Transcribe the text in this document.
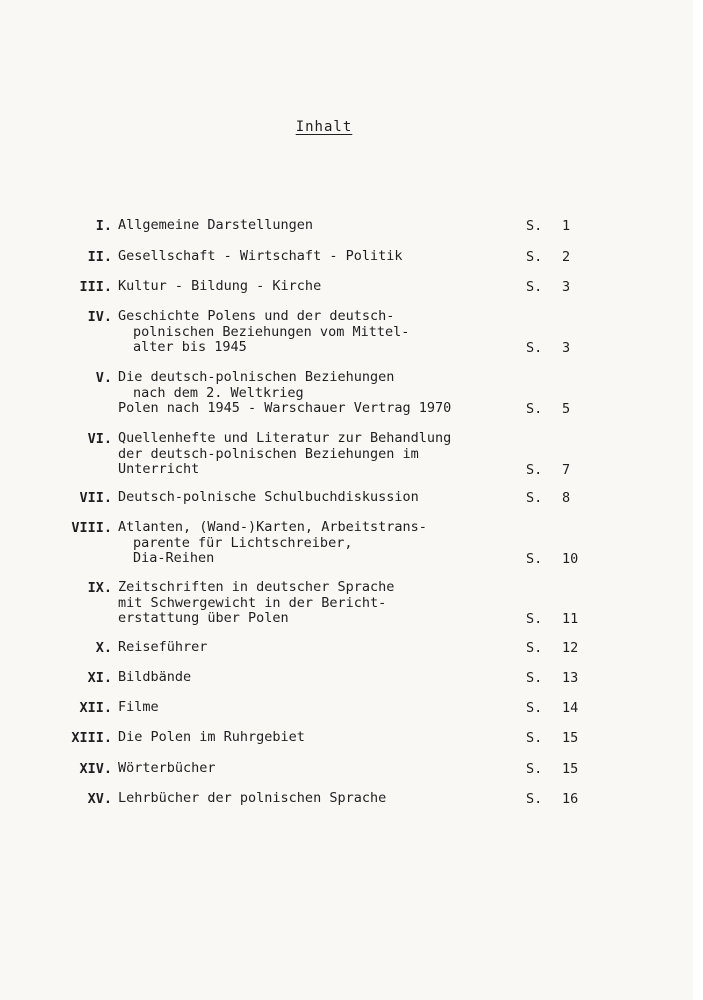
Inhalt
I. Allgemeine Darstellungen	S. 1
II. Gesellschaft - Wirtschaft - Politik	S. 2
III. Kultur - Bildung - Kirche	S. 3
IV. Geschichte Polens und der deutsch-
polnischen Beziehungen vom Mittel-
alter bis 1945	S. 3
V. Die deutsch-polnischen Beziehungen
nach dem 2. Weltkrieg
Polen nach 1945 - Warschauer Vertrag 1970	S. 5
VI. Quellenhefte und Literatur zur Behandlung
der deutsch-polnischen Beziehungen im
Unterricht	S. 7
VII. Deutsch-polnische Schulbuchdiskussion	S. 8
VIII. Atlanten, (Wand-)Karten, Arbeitstrans-
parente für Lichtschreiber,
Dia-Reihen	S. 10
IX. Zeitschriften in deutscher Sprache
mit Schwergewicht in der Bericht-
erstattung über Polen	S. 11
X. Reiseführer	S. 12
XI. Bildbände	S. 13
XII. Filme	S. 14
XIII. Die Polen im Ruhrgebiet	S. 15
XIV. Wörterbücher	S. 15
XV. Lehrbücher der polnischen Sprache	S. 16
